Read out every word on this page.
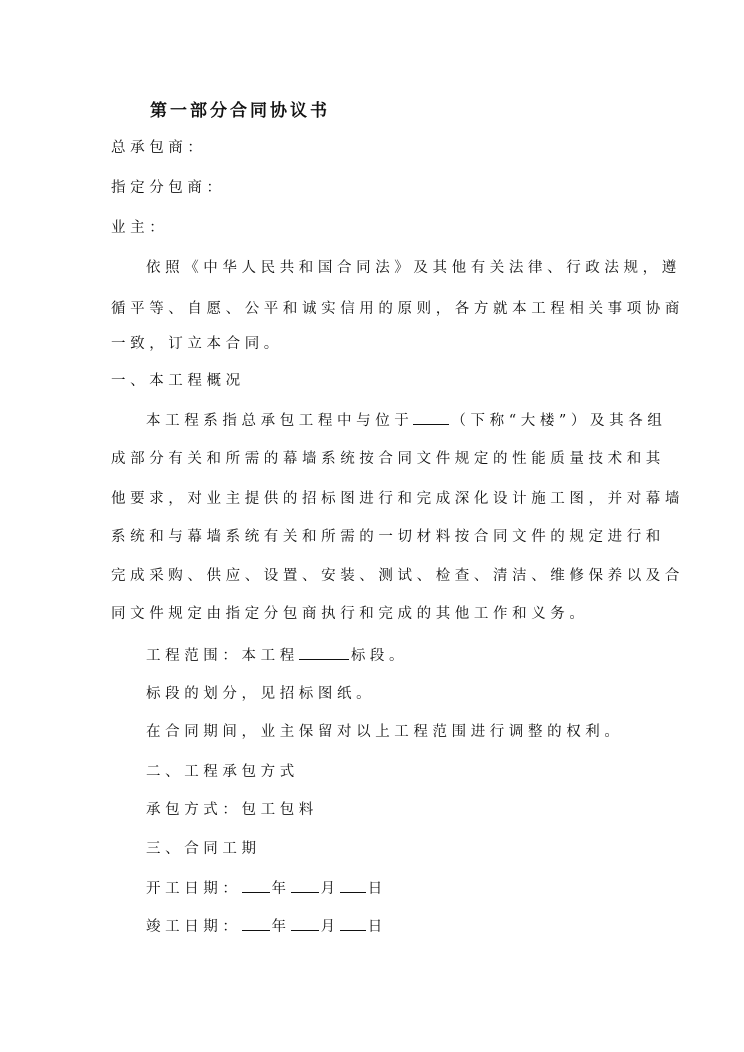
第一部分合同协议书
总承包商：
指定分包商：
业主：
依照《中华人民共和国合同法》及其他有关法律、行政法规，遵
循平等、自愿、公平和诚实信用的原则，各方就本工程相关事项协商
一致，订立本合同。
一、本工程概况
本工程系指总承包工程中与位于	（下称“大楼”）及其各组
成部分有关和所需的幕墙系统按合同文件规定的性能质量技术和其
他要求，对业主提供的招标图进行和完成深化设计施工图，并对幕墙
系统和与幕墙系统有关和所需的一切材料按合同文件的规定进行和
完成采购、供应、设置、安装、测试、检查、清洁、维修保养以及合
同文件规定由指定分包商执行和完成的其他工作和义务。
工程范围：本工程	标段。
标段的划分，见招标图纸。
在合同期间，业主保留对以上工程范围进行调整的权利。
二、工程承包方式
承包方式：包工包料
三、合同工期
开工日期： 年 月 日
竣工日期： 年 月 日
